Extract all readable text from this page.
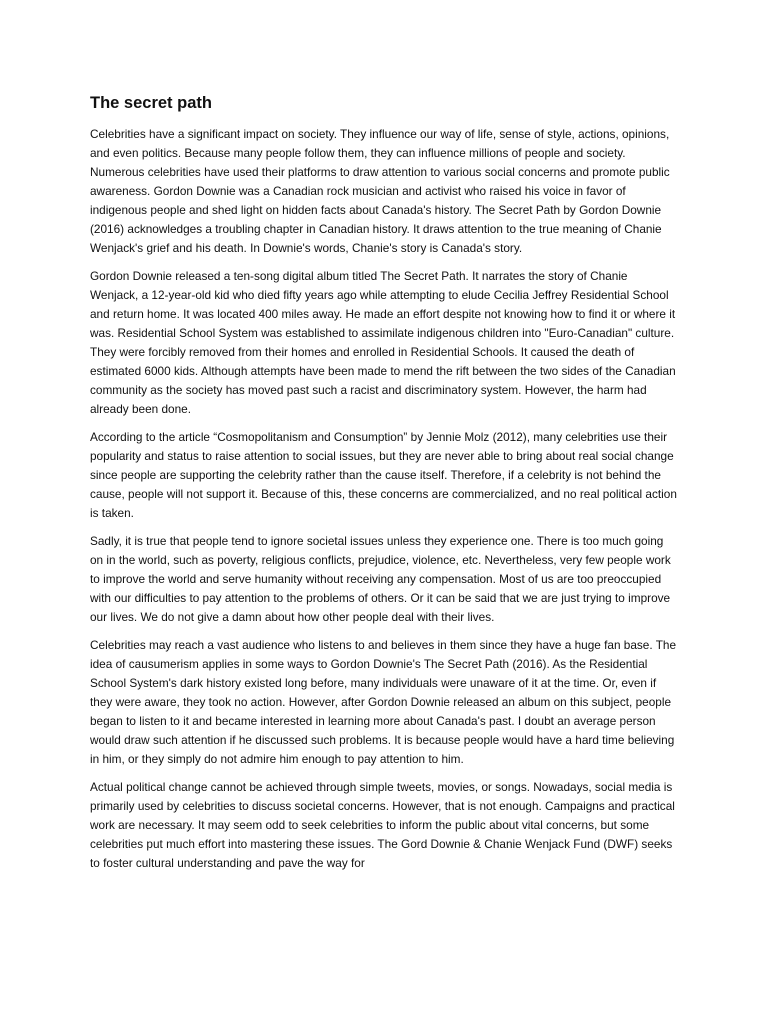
The secret path

Celebrities have a significant impact on society. They influence our way of life, sense of style, actions, opinions, and even politics. Because many people follow them, they can influence millions of people and society. Numerous celebrities have used their platforms to draw attention to various social concerns and promote public awareness. Gordon Downie was a Canadian rock musician and activist who raised his voice in favor of indigenous people and shed light on hidden facts about Canada's history. The Secret Path by Gordon Downie (2016) acknowledges a troubling chapter in Canadian history. It draws attention to the true meaning of Chanie Wenjack's grief and his death. In Downie's words, Chanie's story is Canada's story.

Gordon Downie released a ten-song digital album titled The Secret Path. It narrates the story of Chanie Wenjack, a 12-year-old kid who died fifty years ago while attempting to elude Cecilia Jeffrey Residential School and return home. It was located 400 miles away. He made an effort despite not knowing how to find it or where it was. Residential School System was established to assimilate indigenous children into "Euro-Canadian" culture. They were forcibly removed from their homes and enrolled in Residential Schools. It caused the death of estimated 6000 kids. Although attempts have been made to mend the rift between the two sides of the Canadian community as the society has moved past such a racist and discriminatory system. However, the harm had already been done.

According to the article “Cosmopolitanism and Consumption” by Jennie Molz (2012), many celebrities use their popularity and status to raise attention to social issues, but they are never able to bring about real social change since people are supporting the celebrity rather than the cause itself. Therefore, if a celebrity is not behind the cause, people will not support it. Because of this, these concerns are commercialized, and no real political action is taken.

Sadly, it is true that people tend to ignore societal issues unless they experience one. There is too much going on in the world, such as poverty, religious conflicts, prejudice, violence, etc. Nevertheless, very few people work to improve the world and serve humanity without receiving any compensation. Most of us are too preoccupied with our difficulties to pay attention to the problems of others. Or it can be said that we are just trying to improve our lives. We do not give a damn about how other people deal with their lives.

Celebrities may reach a vast audience who listens to and believes in them since they have a huge fan base. The idea of causumerism applies in some ways to Gordon Downie's The Secret Path (2016). As the Residential School System's dark history existed long before, many individuals were unaware of it at the time. Or, even if they were aware, they took no action. However, after Gordon Downie released an album on this subject, people began to listen to it and became interested in learning more about Canada's past. I doubt an average person would draw such attention if he discussed such problems. It is because people would have a hard time believing in him, or they simply do not admire him enough to pay attention to him.

Actual political change cannot be achieved through simple tweets, movies, or songs. Nowadays, social media is primarily used by celebrities to discuss societal concerns. However, that is not enough. Campaigns and practical work are necessary. It may seem odd to seek celebrities to inform the public about vital concerns, but some celebrities put much effort into mastering these issues. The Gord Downie & Chanie Wenjack Fund (DWF) seeks to foster cultural understanding and pave the way for
